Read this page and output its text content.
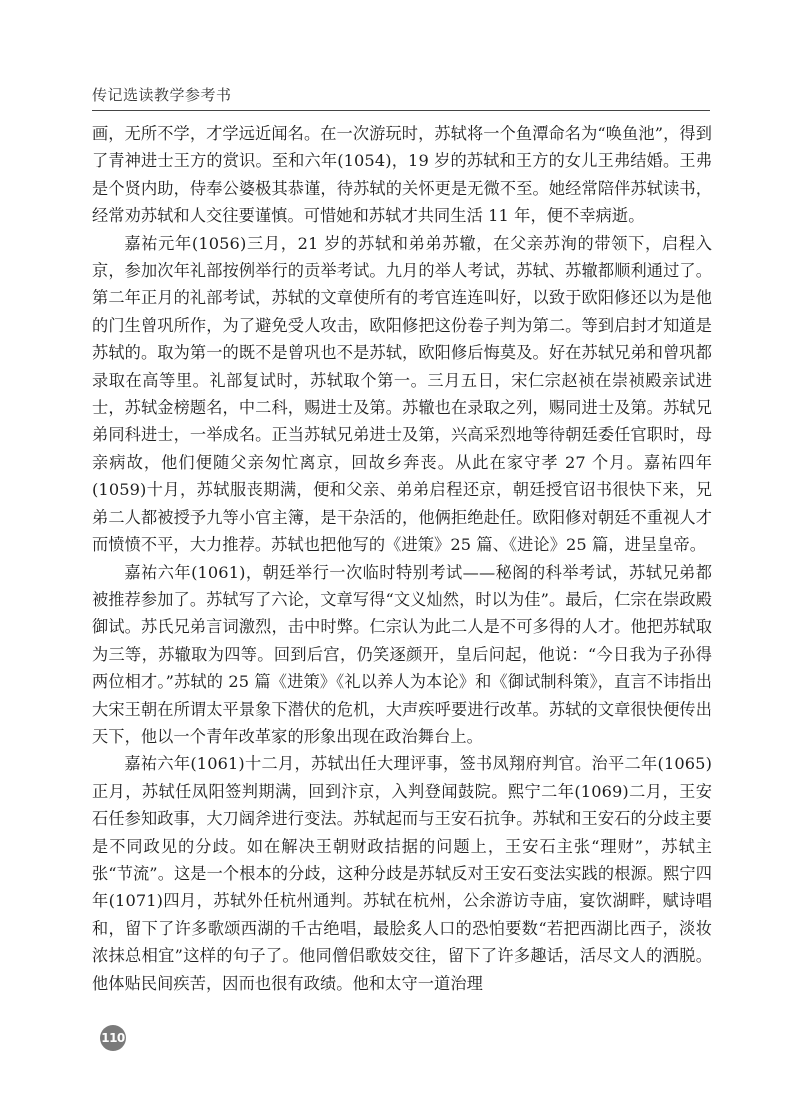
传记选读教学参考书

画，无所不学，才学远近闻名。在一次游玩时，苏轼将一个鱼潭命名为“唤鱼池”，得到了青神进士王方的赏识。至和六年(1054)，19 岁的苏轼和王方的女儿王弗结婚。王弗是个贤内助，侍奉公婆极其恭谨，待苏轼的关怀更是无微不至。她经常陪伴苏轼读书，经常劝苏轼和人交往要谨慎。可惜她和苏轼才共同生活 11 年，便不幸病逝。

嘉祐元年(1056)三月，21 岁的苏轼和弟弟苏辙，在父亲苏洵的带领下，启程入京，参加次年礼部按例举行的贡举考试。九月的举人考试，苏轼、苏辙都顺利通过了。第二年正月的礼部考试，苏轼的文章使所有的考官连连叫好，以致于欧阳修还以为是他的门生曾巩所作，为了避免受人攻击，欧阳修把这份卷子判为第二。等到启封才知道是苏轼的。取为第一的既不是曾巩也不是苏轼，欧阳修后悔莫及。好在苏轼兄弟和曾巩都录取在高等里。礼部复试时，苏轼取个第一。三月五日，宋仁宗赵祯在崇祯殿亲试进士，苏轼金榜题名，中二科，赐进士及第。苏辙也在录取之列，赐同进士及第。苏轼兄弟同科进士，一举成名。正当苏轼兄弟进士及第，兴高采烈地等待朝廷委任官职时，母亲病故，他们便随父亲匆忙离京，回故乡奔丧。从此在家守孝 27 个月。嘉祐四年(1059)十月，苏轼服丧期满，便和父亲、弟弟启程还京，朝廷授官诏书很快下来，兄弟二人都被授予九等小官主簿，是干杂活的，他俩拒绝赴任。欧阳修对朝廷不重视人才而愤愤不平，大力推荐。苏轼也把他写的《进策》25 篇、《进论》25 篇，进呈皇帝。

嘉祐六年(1061)，朝廷举行一次临时特别考试——秘阁的科举考试，苏轼兄弟都被推荐参加了。苏轼写了六论，文章写得“文义灿然，时以为佳”。最后，仁宗在崇政殿御试。苏氏兄弟言词激烈，击中时弊。仁宗认为此二人是不可多得的人才。他把苏轼取为三等，苏辙取为四等。回到后宫，仍笑逐颜开，皇后问起，他说：“今日我为子孙得两位相才。”苏轼的 25 篇《进策》《礼以养人为本论》和《御试制科策》，直言不讳指出大宋王朝在所谓太平景象下潜伏的危机，大声疾呼要进行改革。苏轼的文章很快便传出天下，他以一个青年改革家的形象出现在政治舞台上。

嘉祐六年(1061)十二月，苏轼出任大理评事，签书凤翔府判官。治平二年(1065)正月，苏轼任凤阳签判期满，回到汴京，入判登闻鼓院。熙宁二年(1069)二月，王安石任参知政事，大刀阔斧进行变法。苏轼起而与王安石抗争。苏轼和王安石的分歧主要是不同政见的分歧。如在解决王朝财政拮据的问题上，王安石主张“理财”，苏轼主张“节流”。这是一个根本的分歧，这种分歧是苏轼反对王安石变法实践的根源。熙宁四年(1071)四月，苏轼外任杭州通判。苏轼在杭州，公余游访寺庙，宴饮湖畔，赋诗唱和，留下了许多歌颂西湖的千古绝唱，最脍炙人口的恐怕要数“若把西湖比西子，淡妆浓抹总相宜”这样的句子了。他同僧侣歌妓交往，留下了许多趣话，活尽文人的洒脱。他体贴民间疾苦，因而也很有政绩。他和太守一道治理

110
